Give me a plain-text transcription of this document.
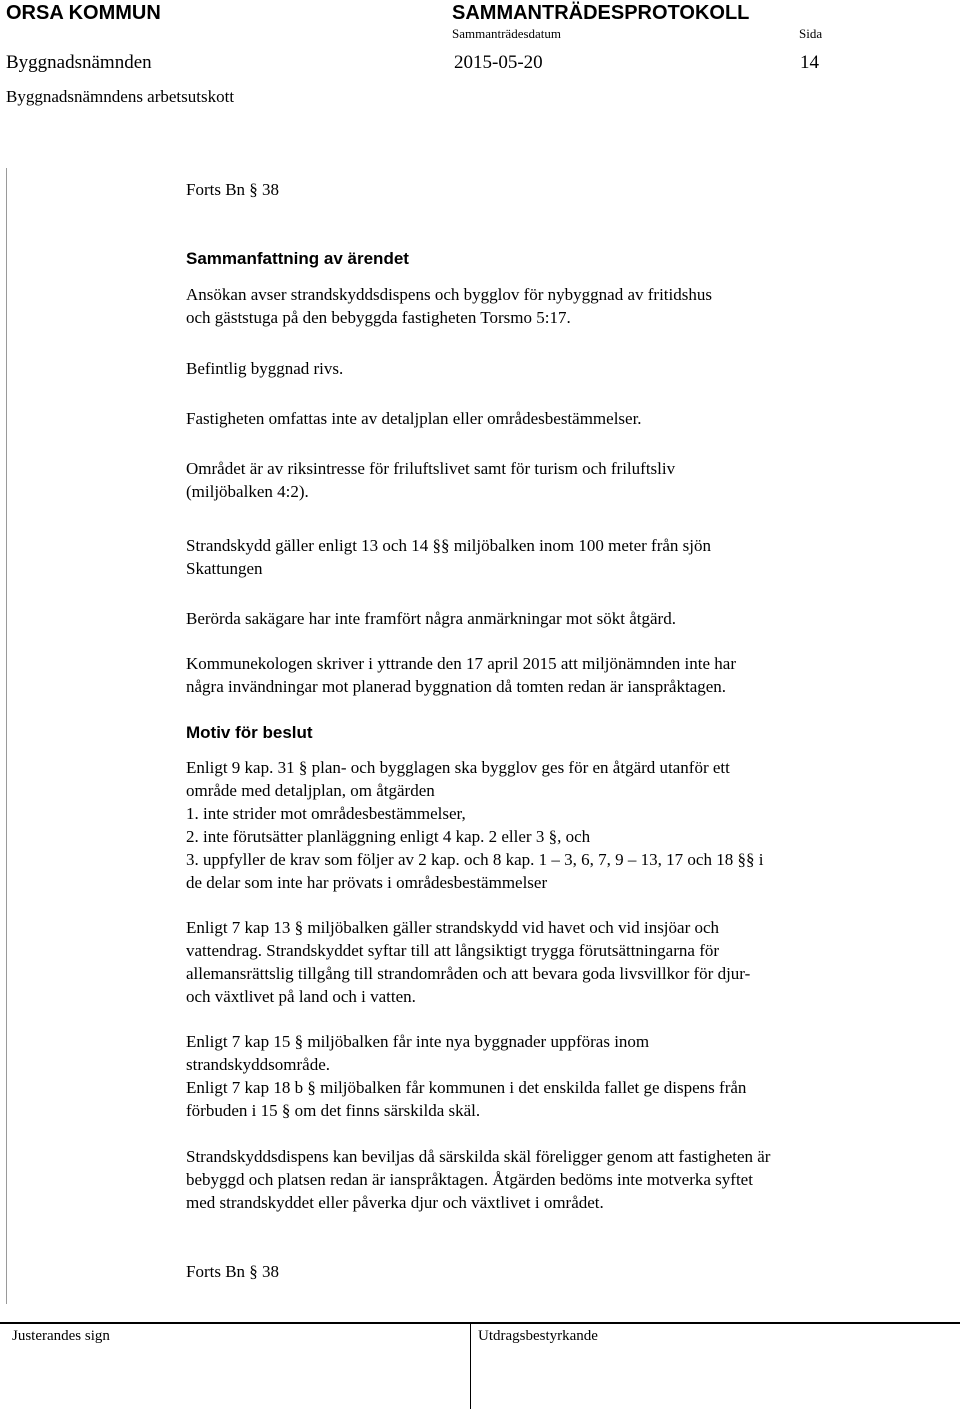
ORSA KOMMUN	SAMMANTRÄDESPROTOKOLL
Sammanträdesdatum	Sida
Byggnadsnämnden	2015-05-20	14
Byggnadsnämndens arbetsutskott
Forts Bn § 38
Sammanfattning av ärendet
Ansökan avser strandskyddsdispens och bygglov för nybyggnad av fritidshus
och gäststuga på den bebyggda fastigheten Torsmo 5:17.
Befintlig byggnad rivs.
Fastigheten omfattas inte av detaljplan eller områdesbestämmelser.
Området är av riksintresse för friluftslivet samt för turism och friluftsliv
(miljöbalken 4:2).
Strandskydd gäller enligt 13 och 14 §§ miljöbalken inom 100 meter från sjön
Skattungen
Berörda sakägare har inte framfört några anmärkningar mot sökt åtgärd.
Kommunekologen skriver i yttrande den 17 april 2015 att miljönämnden inte har
några invändningar mot planerad byggnation då tomten redan är ianspråktagen.
Motiv för beslut
Enligt 9 kap. 31 § plan- och bygglagen ska bygglov ges för en åtgärd utanför ett
område med detaljplan, om åtgärden
1. inte strider mot områdesbestämmelser,
2. inte förutsätter planläggning enligt 4 kap. 2 eller 3 §, och
3. uppfyller de krav som följer av 2 kap. och 8 kap. 1 – 3, 6, 7, 9 – 13, 17 och 18 §§ i
de delar som inte har prövats i områdesbestämmelser
Enligt 7 kap 13 § miljöbalken gäller strandskydd vid havet och vid insjöar och
vattendrag. Strandskyddet syftar till att långsiktigt trygga förutsättningarna för
allemansrättslig tillgång till strandområden och att bevara goda livsvillkor för djur-
och växtlivet på land och i vatten.
Enligt 7 kap 15 § miljöbalken får inte nya byggnader uppföras inom
strandskyddsområde.
Enligt 7 kap 18 b § miljöbalken får kommunen i det enskilda fallet ge dispens från
förbuden i 15 § om det finns särskilda skäl.
Strandskyddsdispens kan beviljas då särskilda skäl föreligger genom att fastigheten är
bebyggd och platsen redan är ianspråktagen. Åtgärden bedöms inte motverka syftet
med strandskyddet eller påverka djur och växtlivet i området.
Forts Bn § 38
Justerandes sign	Utdragsbestyrkande
